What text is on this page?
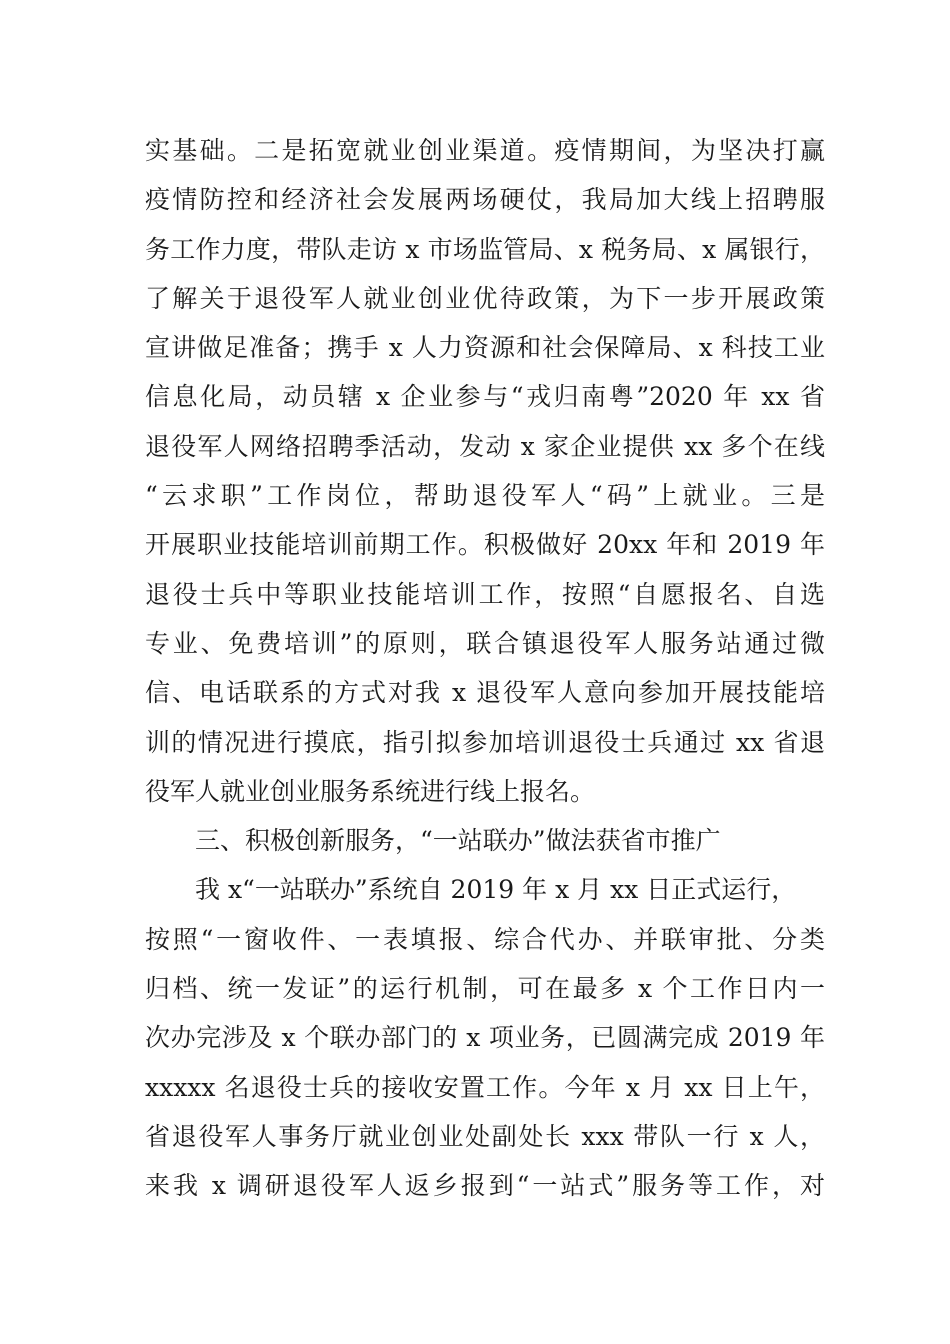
实基础。二是拓宽就业创业渠道。疫情期间，为坚决打赢
疫情防控和经济社会发展两场硬仗，我局加大线上招聘服
务工作力度，带队走访 x 市场监管局、x 税务局、x 属银行，
了解关于退役军人就业创业优待政策，为下一步开展政策
宣讲做足准备；携手 x 人力资源和社会保障局、x 科技工业
信息化局，动员辖 x 企业参与“戎归南粤”2020 年 xx 省
退役军人网络招聘季活动，发动 x 家企业提供 xx 多个在线
“云求职”工作岗位，帮助退役军人“码”上就业。三是
开展职业技能培训前期工作。积极做好 20xx 年和 2019 年
退役士兵中等职业技能培训工作，按照“自愿报名、自选
专业、免费培训”的原则，联合镇退役军人服务站通过微
信、电话联系的方式对我 x 退役军人意向参加开展技能培
训的情况进行摸底，指引拟参加培训退役士兵通过 xx 省退
役军人就业创业服务系统进行线上报名。
三、积极创新服务，“一站联办”做法获省市推广
我 x“一站联办”系统自 2019 年 x 月 xx 日正式运行，
按照“一窗收件、一表填报、综合代办、并联审批、分类
归档、统一发证”的运行机制，可在最多 x 个工作日内一
次办完涉及 x 个联办部门的 x 项业务，已圆满完成 2019 年
xxxxx 名退役士兵的接收安置工作。今年 x 月 xx 日上午，
省退役军人事务厅就业创业处副处长 xxx 带队一行 x 人，
来我 x 调研退役军人返乡报到“一站式”服务等工作，对
